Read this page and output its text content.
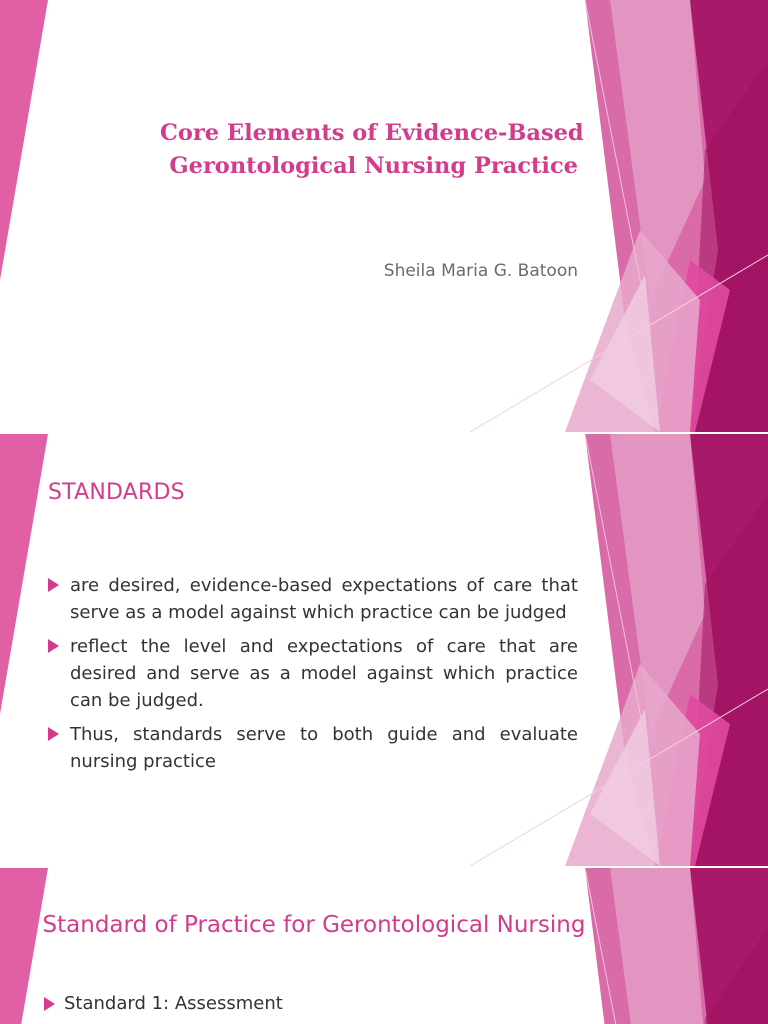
Core Elements of Evidence-Based
Gerontological Nursing Practice
Sheila Maria G. Batoon
STANDARDS
are desired, evidence-based expectations of care that serve as a model against which practice can be judged
reflect the level and expectations of care that are desired and serve as a model against which practice can be judged.
Thus, standards serve to both guide and evaluate nursing practice
Standard of Practice for Gerontological Nursing
Standard 1: Assessment
